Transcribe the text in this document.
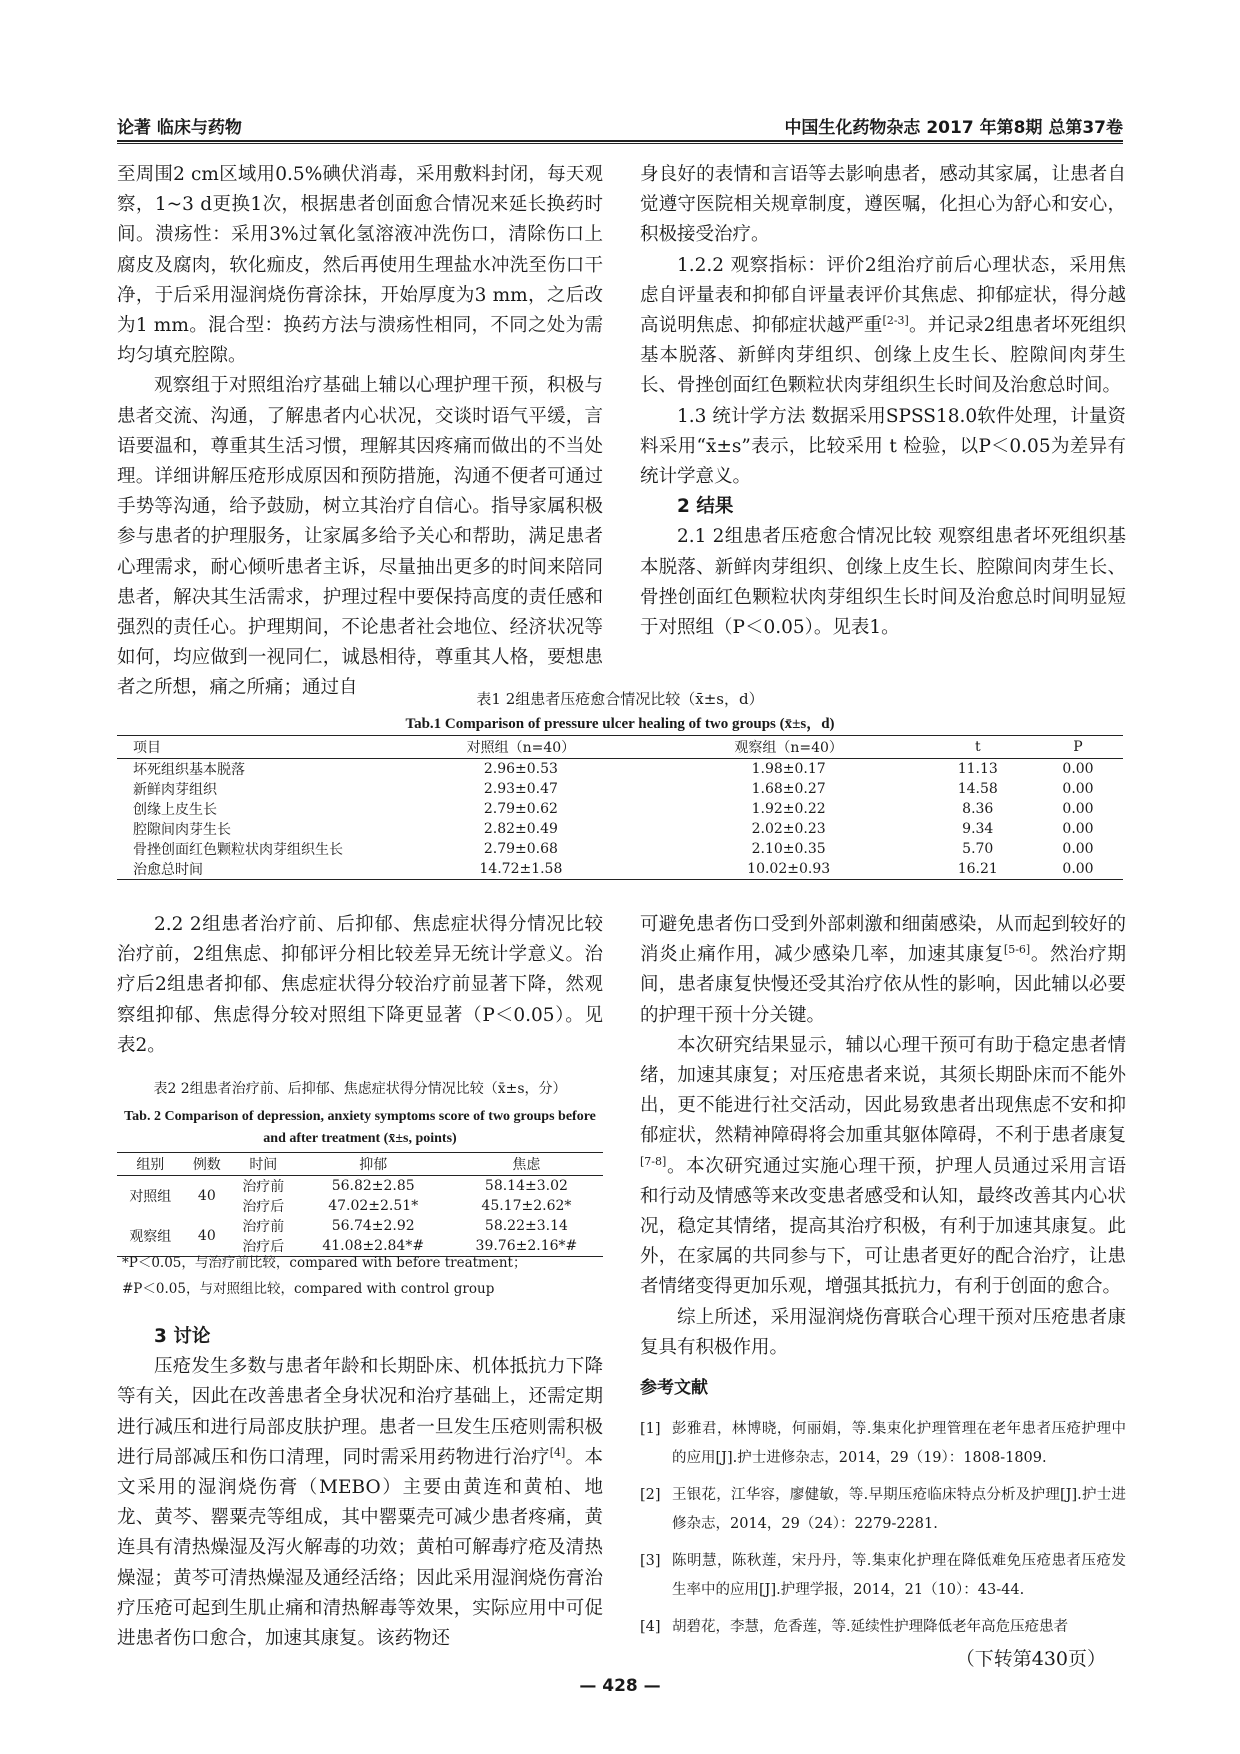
论著 临床与药物	中国生化药物杂志 2017 年第8期 总第37卷

至周围2 cm区域用0.5%碘伏消毒，采用敷料封闭，每天观察，1~3 d更换1次，根据患者创面愈合情况来延长换药时间。溃疡性：采用3%过氧化氢溶液冲洗伤口，清除伤口上腐皮及腐肉，软化痂皮，然后再使用生理盐水冲洗至伤口干净，于后采用湿润烧伤膏涂抹，开始厚度为3 mm，之后改为1 mm。混合型：换药方法与溃疡性相同，不同之处为需均匀填充腔隙。

观察组于对照组治疗基础上辅以心理护理干预，积极与患者交流、沟通，了解患者内心状况，交谈时语气平缓，言语要温和，尊重其生活习惯，理解其因疼痛而做出的不当处理。详细讲解压疮形成原因和预防措施，沟通不便者可通过手势等沟通，给予鼓励，树立其治疗自信心。指导家属积极参与患者的护理服务，让家属多给予关心和帮助，满足患者心理需求，耐心倾听患者主诉，尽量抽出更多的时间来陪同患者，解决其生活需求，护理过程中要保持高度的责任感和强烈的责任心。护理期间，不论患者社会地位、经济状况等如何，均应做到一视同仁，诚恳相待，尊重其人格，要想患者之所想，痛之所痛；通过自

身良好的表情和言语等去影响患者，感动其家属，让患者自觉遵守医院相关规章制度，遵医嘱，化担心为舒心和安心，积极接受治疗。

1.2.2 观察指标：评价2组治疗前后心理状态，采用焦虑自评量表和抑郁自评量表评价其焦虑、抑郁症状，得分越高说明焦虑、抑郁症状越严重[2-3]。并记录2组患者坏死组织基本脱落、新鲜肉芽组织、创缘上皮生长、腔隙间肉芽生长、骨挫创面红色颗粒状肉芽组织生长时间及治愈总时间。

1.3 统计学方法 数据采用SPSS18.0软件处理，计量资料采用“x̄±s”表示，比较采用 t 检验，以P＜0.05为差异有统计学意义。

2 结果

2.1 2组患者压疮愈合情况比较 观察组患者坏死组织基本脱落、新鲜肉芽组织、创缘上皮生长、腔隙间肉芽生长、骨挫创面红色颗粒状肉芽组织生长时间及治愈总时间明显短于对照组（P＜0.05）。见表1。

表1 2组患者压疮愈合情况比较（x̄±s，d）
Tab.1 Comparison of pressure ulcer healing of two groups (x̄±s，d)
项目	对照组（n=40）	观察组（n=40）	t	P
坏死组织基本脱落	2.96±0.53	1.98±0.17	11.13	0.00
新鲜肉芽组织	2.93±0.47	1.68±0.27	14.58	0.00
创缘上皮生长	2.79±0.62	1.92±0.22	8.36	0.00
腔隙间肉芽生长	2.82±0.49	2.02±0.23	9.34	0.00
骨挫创面红色颗粒状肉芽组织生长	2.79±0.68	2.10±0.35	5.70	0.00
治愈总时间	14.72±1.58	10.02±0.93	16.21	0.00

2.2 2组患者治疗前、后抑郁、焦虑症状得分情况比较 治疗前，2组焦虑、抑郁评分相比较差异无统计学意义。治疗后2组患者抑郁、焦虑症状得分较治疗前显著下降，然观察组抑郁、焦虑得分较对照组下降更显著（P＜0.05）。见表2。

表2 2组患者治疗前、后抑郁、焦虑症状得分情况比较（x̄±s，分）
Tab. 2 Comparison of depression, anxiety symptoms score of two groups before and after treatment (x̄±s, points)
组别	例数	时间	抑郁	焦虑
对照组	40	治疗前	56.82±2.85	58.14±3.02
		治疗后	47.02±2.51*	45.17±2.62*
观察组	40	治疗前	56.74±2.92	58.22±3.14
		治疗后	41.08±2.84*#	39.76±2.16*#
*P＜0.05，与治疗前比较，compared with before treatment；
#P＜0.05，与对照组比较，compared with control group

3 讨论

压疮发生多数与患者年龄和长期卧床、机体抵抗力下降等有关，因此在改善患者全身状况和治疗基础上，还需定期进行减压和进行局部皮肤护理。患者一旦发生压疮则需积极进行局部减压和伤口清理，同时需采用药物进行治疗[4]。本文采用的湿润烧伤膏（MEBO）主要由黄连和黄柏、地龙、黄芩、罂粟壳等组成，其中罂粟壳可减少患者疼痛，黄连具有清热燥湿及泻火解毒的功效；黄柏可解毒疗疮及清热燥湿；黄芩可清热燥湿及通经活络；因此采用湿润烧伤膏治疗压疮可起到生肌止痛和清热解毒等效果，实际应用中可促进患者伤口愈合，加速其康复。该药物还

可避免患者伤口受到外部刺激和细菌感染，从而起到较好的消炎止痛作用，减少感染几率，加速其康复[5-6]。然治疗期间，患者康复快慢还受其治疗依从性的影响，因此辅以必要的护理干预十分关键。

本次研究结果显示，辅以心理干预可有助于稳定患者情绪，加速其康复；对压疮患者来说，其须长期卧床而不能外出，更不能进行社交活动，因此易致患者出现焦虑不安和抑郁症状，然精神障碍将会加重其躯体障碍，不利于患者康复[7-8]。本次研究通过实施心理干预，护理人员通过采用言语和行动及情感等来改变患者感受和认知，最终改善其内心状况，稳定其情绪，提高其治疗积极，有利于加速其康复。此外，在家属的共同参与下，可让患者更好的配合治疗，让患者情绪变得更加乐观，增强其抵抗力，有利于创面的愈合。

综上所述，采用湿润烧伤膏联合心理干预对压疮患者康复具有积极作用。

参考文献
[1] 彭雅君，林博晓，何丽娟，等.集束化护理管理在老年患者压疮护理中的应用[J].护士进修杂志，2014，29（19）：1808-1809.
[2] 王银花，江华容，廖健敏，等.早期压疮临床特点分析及护理[J].护士进修杂志，2014，29（24）：2279-2281.
[3] 陈明慧，陈秋莲，宋丹丹，等.集束化护理在降低难免压疮患者压疮发生率中的应用[J].护理学报，2014，21（10）：43-44.
[4] 胡碧花，李慧，危香莲，等.延续性护理降低老年高危压疮患者
（下转第430页）
— 428 —
